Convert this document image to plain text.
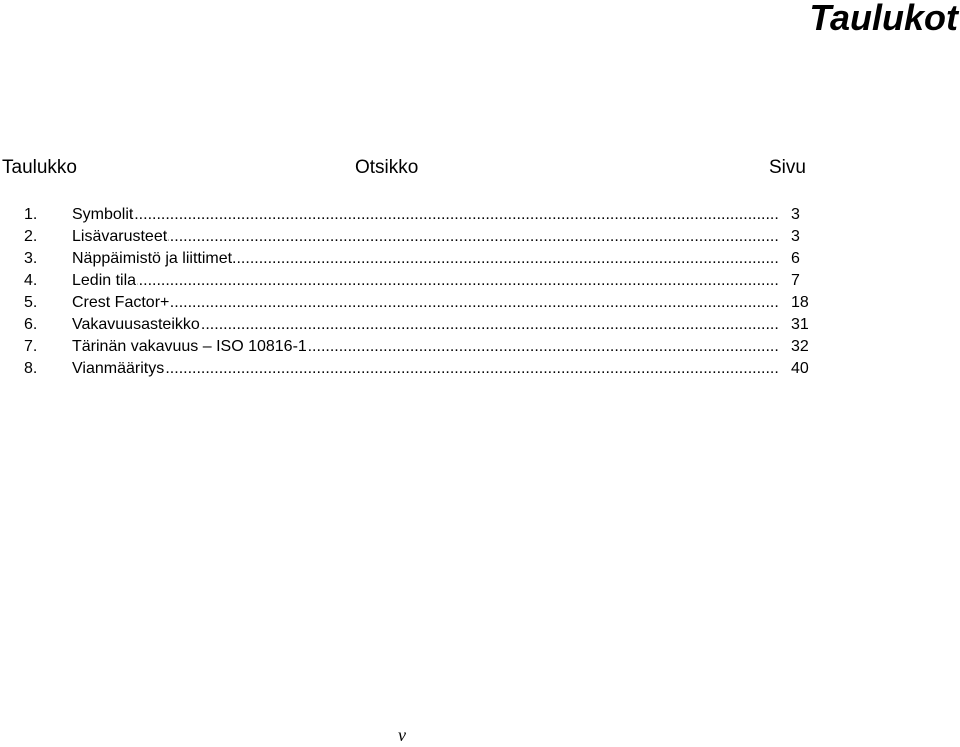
Taulukot
Taulukko	Otsikko	Sivu
1. Symbolit .....	3
2. Lisävarusteet .....	3
3. Näppäimistö ja liittimet .....	6
4. Ledin tila .....	7
5. Crest Factor+ .....	18
6. Vakavuusasteikko .....	31
7. Tärinän vakavuus – ISO 10816-1 .....	32
8. Vianmääritys .....	40
v
